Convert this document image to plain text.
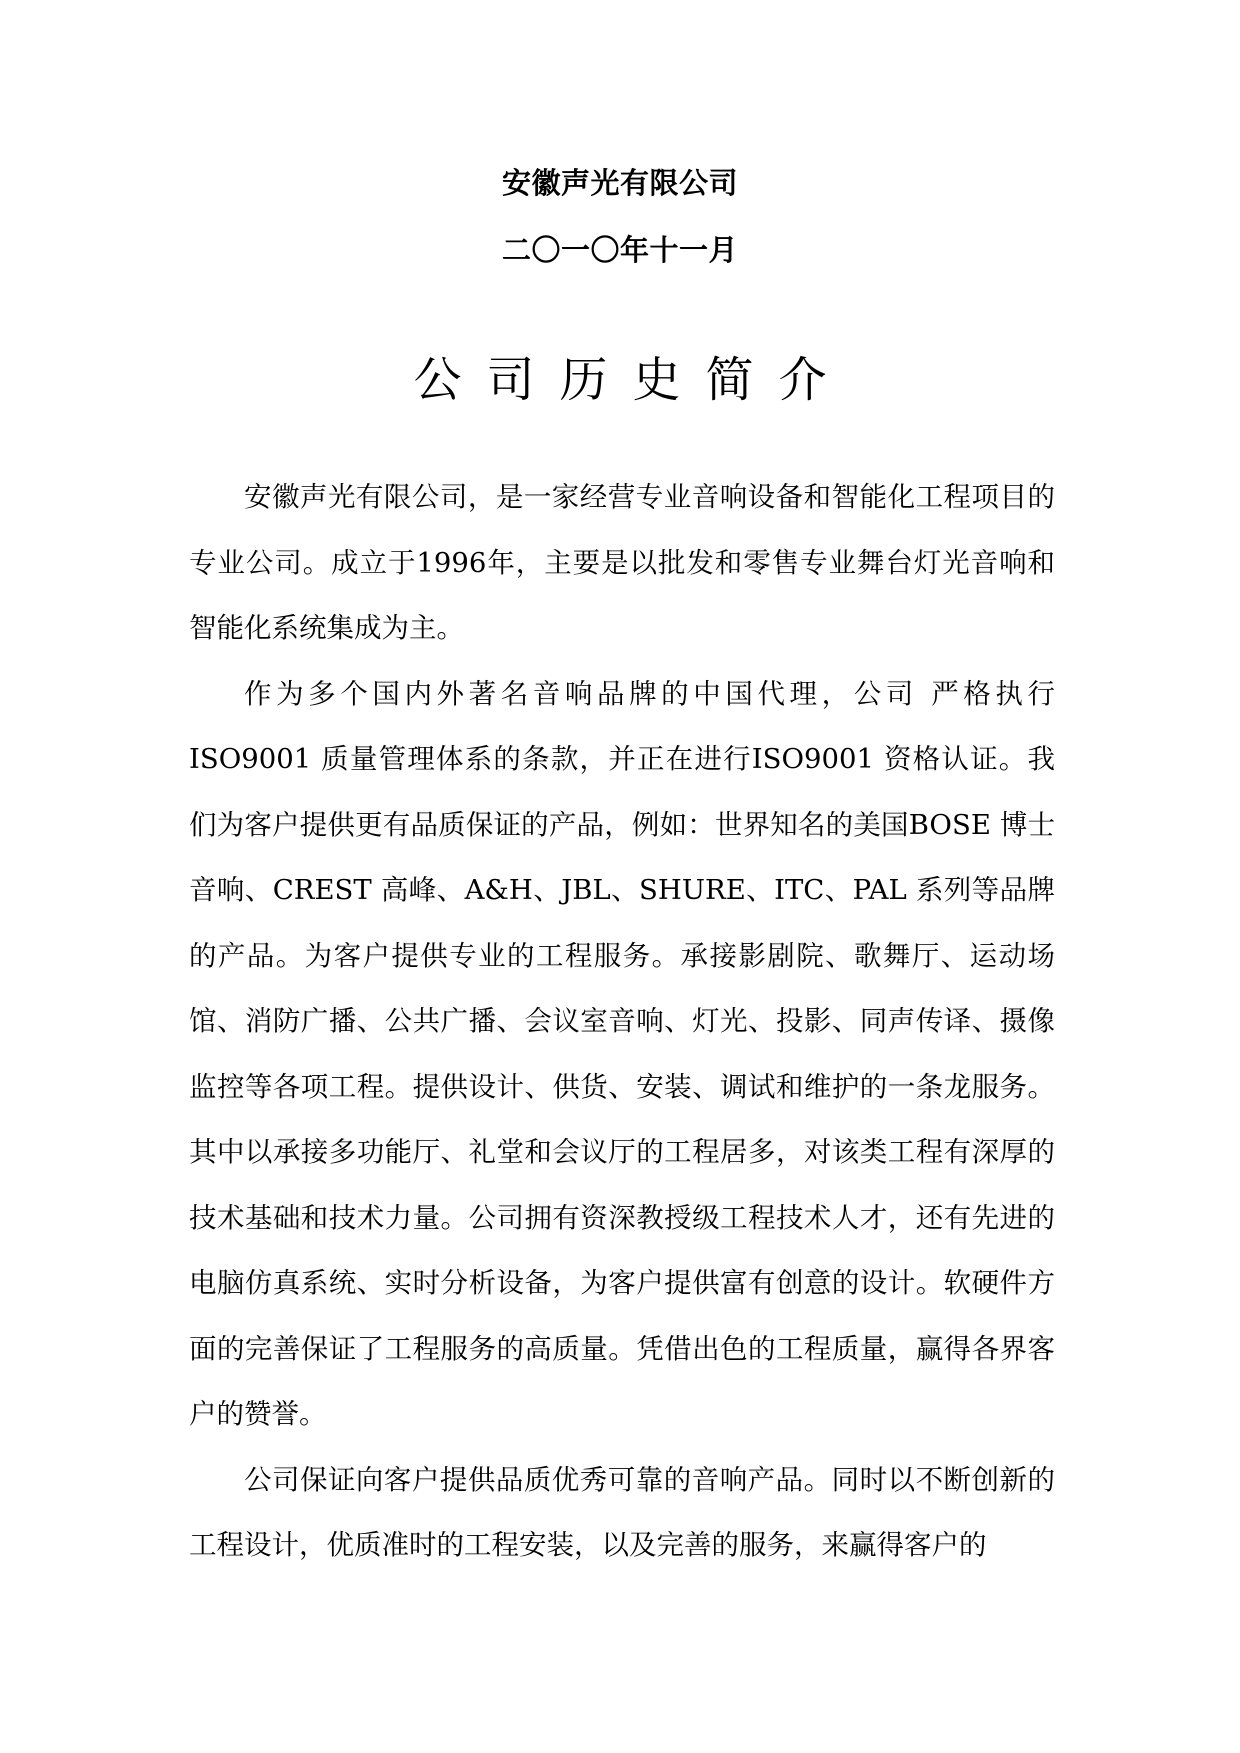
安徽声光有限公司
二〇一〇年十一月
公司历史简介

安徽声光有限公司，是一家经营专业音响设备和智能化工程项目的专业公司。成立于1996年，主要是以批发和零售专业舞台灯光音响和智能化系统集成为主。

作为多个国内外著名音响品牌的中国代理，公司 严格执行ISO9001 质量管理体系的条款，并正在进行ISO9001 资格认证。我们为客户提供更有品质保证的产品，例如：世界知名的美国BOSE 博士音响、CREST 高峰、A&H、JBL、SHURE、ITC、PAL 系列等品牌的产品。为客户提供专业的工程服务。承接影剧院、歌舞厅、运动场馆、消防广播、公共广播、会议室音响、灯光、投影、同声传译、摄像监控等各项工程。提供设计、供货、安装、调试和维护的一条龙服务。其中以承接多功能厅、礼堂和会议厅的工程居多，对该类工程有深厚的技术基础和技术力量。公司拥有资深教授级工程技术人才，还有先进的电脑仿真系统、实时分析设备，为客户提供富有创意的设计。软硬件方面的完善保证了工程服务的高质量。凭借出色的工程质量，赢得各界客户的赞誉。

公司保证向客户提供品质优秀可靠的音响产品。同时以不断创新的工程设计，优质准时的工程安装，以及完善的服务，来赢得客户的
